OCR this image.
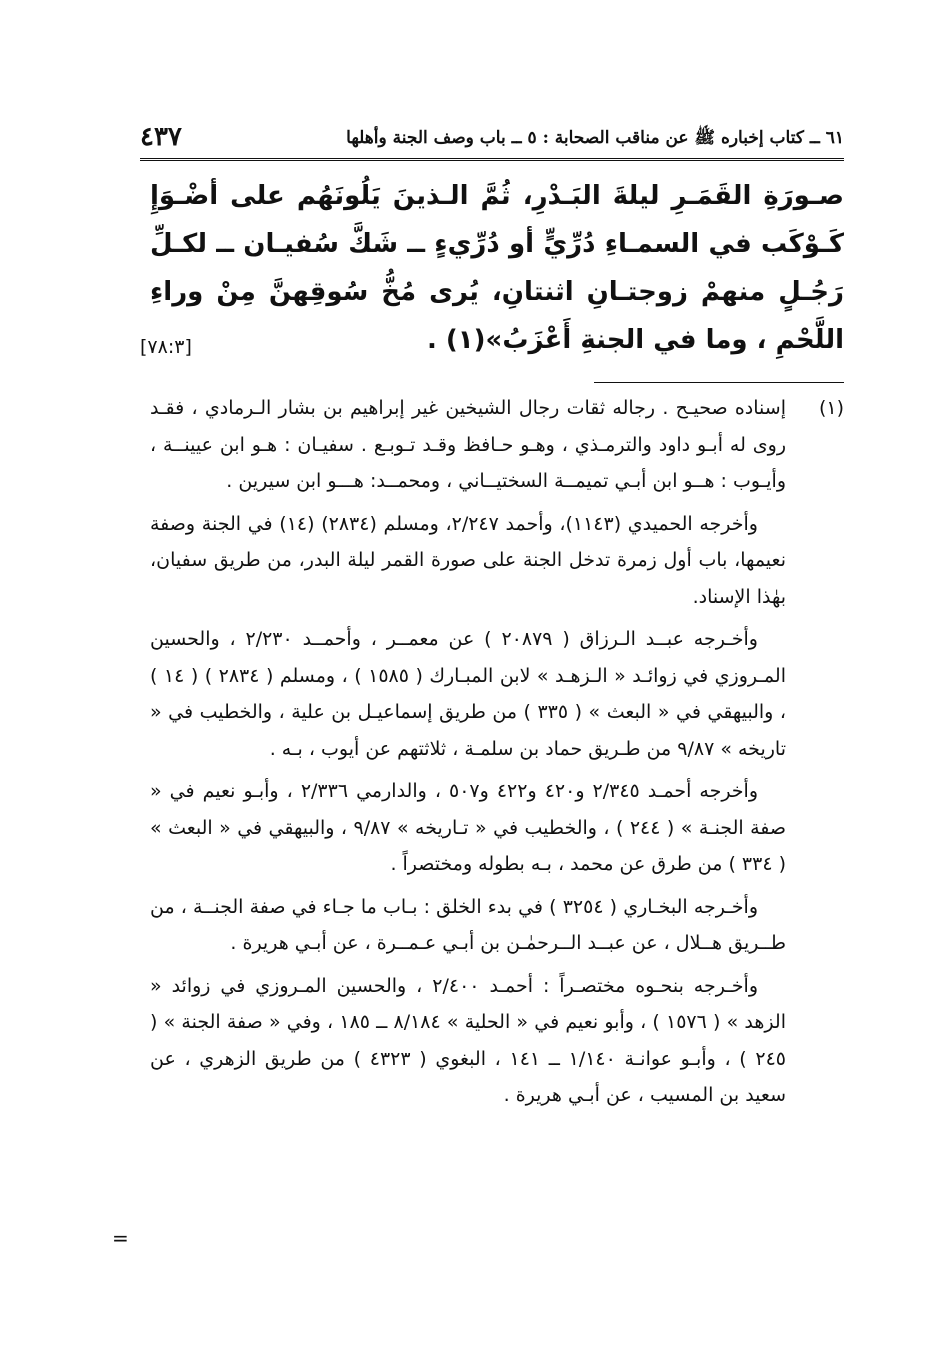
٦١ ــ كتاب إخباره ﷺ عن مناقب الصحابة : ٥ ــ باب وصف الجنة وأهلها
٤٣٧

صـورَةِ القَمَـرِ ليلةَ البَـدْرِ، ثُمَّ الـذينَ يَلُونَهُم على أضْـوَإِ كَـوْكَب في السمـاءِ دُرِّيٍّ أو دُرِّيءٍ ــ شَكَّ سُفيـان ــ لكـلِّ رَجُـلٍ منهمْ زوجتـانِ اثنتانِ، يُرى مُخُّ سُوقِهنَّ مِنْ وراءِ اللَّحْمِ ، وما في الجنةِ أَعْزَبُ»(١) .

[٧٨:٣]
(١)

إسناده صحيـح . رجاله ثقات رجال الشيخين غير إبراهيم بن بشار الـرمادي ، فقـد روى له أبـو داود والترمـذي ، وهـو حـافظ وقـد تـوبـع . سفيـان : هـو ابن عيينــة ، وأيـوب : هــو ابن أبـي تميمــة السختيــاني ، ومحمــد: هـــو ابن سيرين .

وأخرجه الحميدي (١١٤٣)، وأحمد ٢/٢٤٧، ومسلم (٢٨٣٤) (١٤) في الجنة وصفة نعيمها، باب أول زمرة تدخل الجنة على صورة القمر ليلة البدر، من طريق سفيان، بهٰذا الإسناد.

وأخـرجه عبــد الـرزاق ( ٢٠٨٧٩ ) عن معمــر ، وأحمــد ٢/٢٣٠ ، والحسين المـروزي في زوائـد « الـزهـد » لابن المبـارك ( ١٥٨٥ ) ، ومسلم ( ٢٨٣٤ ) ( ١٤ ) ، والبيهقي في « البعث » ( ٣٣٥ ) من طريق إسماعيـل بن علية ، والخطيب في « تاريخه » ٩/٨٧ من طـريق حماد بن سلمـة ، ثلاثتهم عن أيوب ، بـه .

وأخرجه أحمـد ٢/٣٤٥ و٤٢٠ و٤٢٢ و٥٠٧ ، والدارمي ٢/٣٣٦ ، وأبـو نعيم في « صفة الجنـة » ( ٢٤٤ ) ، والخطيب في « تـاريخه » ٩/٨٧ ، والبيهقي في « البعث » ( ٣٣٤ ) من طرق عن محمد ، بـه بطوله ومختصراً .

وأخـرجه البخـاري ( ٣٢٥٤ ) في بدء الخلق : بـاب ما جـاء في صفة الجنــة ، من طــريق هــلال ، عن عبــد الــرحمٰـن بن أبـي عـمــرة ، عن أبـي هريرة .

وأخـرجه بنحـوه مختصـراً : أحمـد ٢/٤٠٠ ، والحسين المـروزي في زوائد « الزهد » ( ١٥٧٦ ) ، وأبو نعيم في « الحلية » ٨/١٨٤ ــ ١٨٥ ، وفي « صفة الجنة » ( ٢٤٥ ) ، وأبـو عوانـة ١/١٤٠ ــ ١٤١ ، البغوي ( ٤٣٢٣ ) من طريق الزهري ، عن سعيد بن المسيب ، عن أبـي هريرة .

=
